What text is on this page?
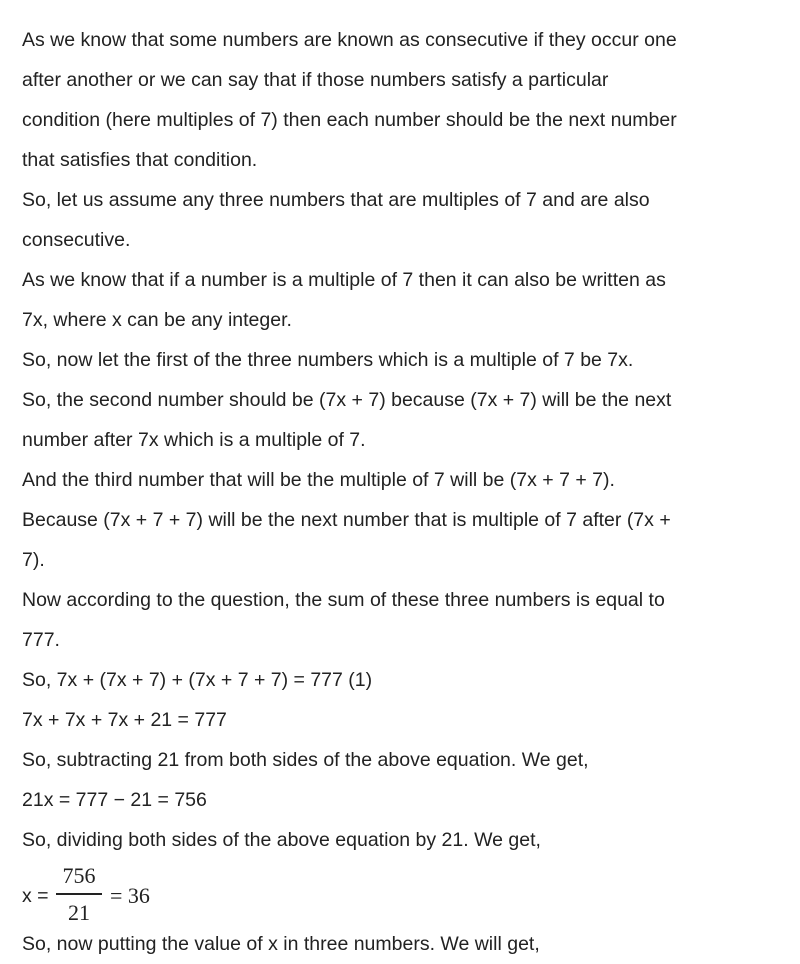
As we know that some numbers are known as consecutive if they occur one
after another or we can say that if those numbers satisfy a particular
condition (here multiples of 7) then each number should be the next number
that satisfies that condition.
So, let us assume any three numbers that are multiples of 7 and are also
consecutive.
As we know that if a number is a multiple of 7 then it can also be written as
7x, where x can be any integer.
So, now let the first of the three numbers which is a multiple of 7 be 7x.
So, the second number should be (7x + 7) because (7x + 7) will be the next
number after 7x which is a multiple of 7.
And the third number that will be the multiple of 7 will be (7x + 7 + 7).
Because (7x + 7 + 7) will be the next number that is multiple of 7 after (7x +
7).
Now according to the question, the sum of these three numbers is equal to
777.
So, 7x + (7x + 7) + (7x + 7 + 7) = 777 (1)
7x + 7x + 7x + 21 = 777
So, subtracting 21 from both sides of the above equation. We get,
21x = 777 − 21 = 756
So, dividing both sides of the above equation by 21. We get,
x =
756
21
= 36
So, now putting the value of x in three numbers. We will get,
